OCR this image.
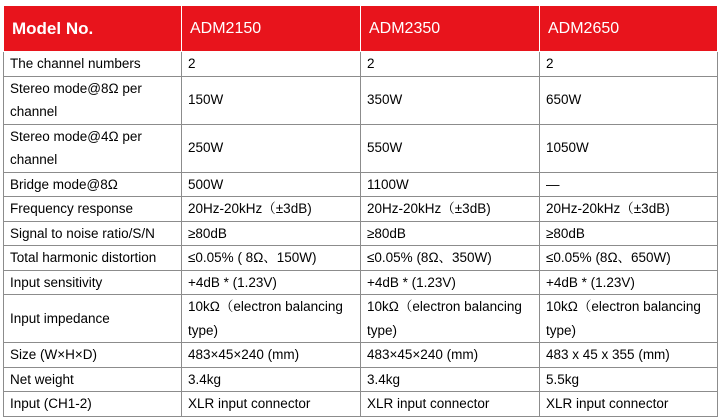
Model No.	ADM2150	ADM2350	ADM2650
The channel numbers	2	2	2
Stereo mode@8Ω per channel	150W	350W	650W
Stereo mode@4Ω per channel	250W	550W	1050W
Bridge mode@8Ω	500W	1100W	—
Frequency response	20Hz-20kHz（±3dB)	20Hz-20kHz（±3dB)	20Hz-20kHz（±3dB)
Signal to noise ratio/S/N	≥80dB	≥80dB	≥80dB
Total harmonic distortion	≤0.05% ( 8Ω、150W)	≤0.05% (8Ω、350W)	≤0.05% (8Ω、650W)
Input sensitivity	+4dB * (1.23V)	+4dB * (1.23V)	+4dB * (1.23V)
Input impedance	10kΩ（electron balancing type)	10kΩ（electron balancing type)	10kΩ（electron balancing type)
Size (W×H×D)	483×45×240 (mm)	483×45×240 (mm)	483 x 45 x 355 (mm)
Net weight	3.4kg	3.4kg	5.5kg
Input (CH1-2)	XLR input connector	XLR input connector	XLR input connector
